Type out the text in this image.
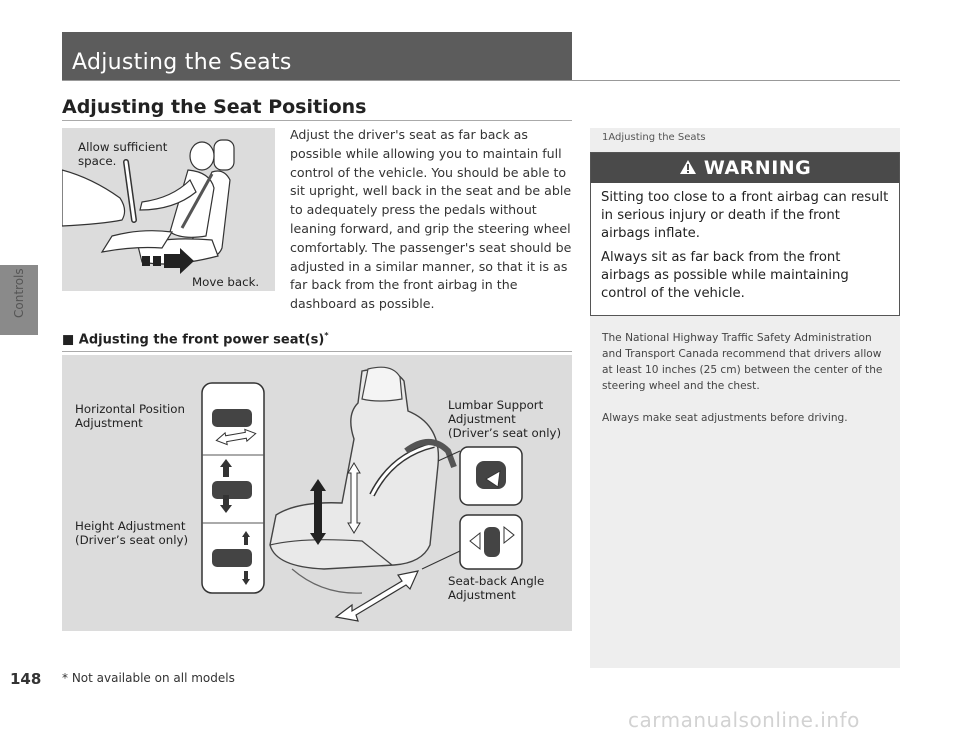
Controls
148
Adjusting the Seats
Adjusting the Seat Positions
Allow sufficient
space.
Move back.
Adjust the driver's seat as far back as possible while allowing you to maintain full control of the vehicle. You should be able to sit upright, well back in the seat and be able to adequately press the pedals without leaning forward, and grip the steering wheel comfortably. The passenger's seat should be adjusted in a similar manner, so that it is as far back from the front airbag in the dashboard as possible.
■ Adjusting the front power seat(s)*
Horizontal Position
Adjustment
Height Adjustment
(Driver’s seat only)
Lumbar Support
Adjustment
(Driver’s seat only)
Seat-back Angle
Adjustment
* Not available on all models
1Adjusting the Seats
WARNING

Sitting too close to a front airbag can result in serious injury or death if the front airbags inflate.

Always sit as far back from the front airbags as possible while maintaining control of the vehicle.

The National Highway Traffic Safety Administration and Transport Canada recommend that drivers allow at least 10 inches (25 cm) between the center of the steering wheel and the chest.
Always make seat adjustments before driving.
carmanualsonline.info
